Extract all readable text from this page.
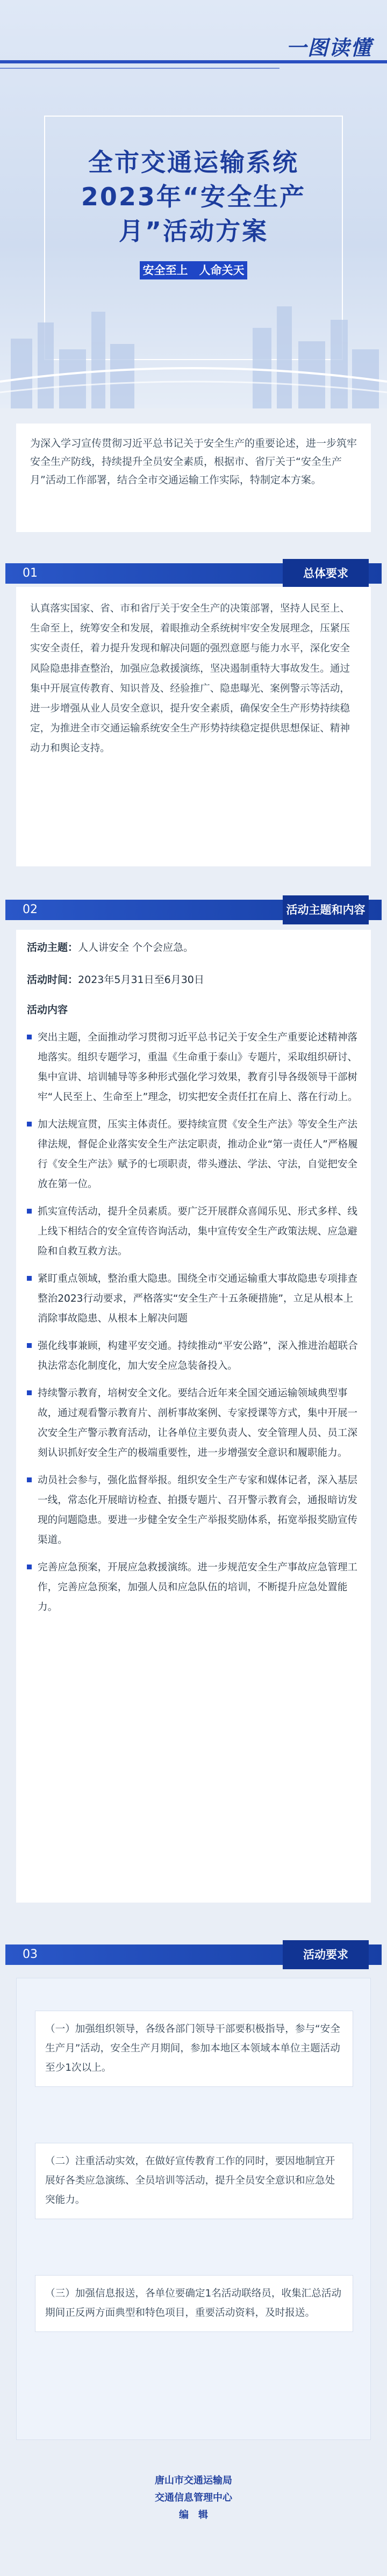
一图读懂
全市交通运输系统
2023年“安全生产
月”活动方案
安全至上　人命关天
为深入学习宣传贯彻习近平总书记关于安全生产的重要论述，进一步筑牢安全生产防线，持续提升全员安全素质，根据市、省厅关于“安全生产月”活动工作部署，结合全市交通运输工作实际，特制定本方案。
01	总体要求
认真落实国家、省、市和省厅关于安全生产的决策部署，坚持人民至上、生命至上，统筹安全和发展，着眼推动全系统树牢安全发展理念，压紧压实安全责任，着力提升发现和解决问题的强烈意愿与能力水平，深化安全风险隐患排查整治，加强应急救援演练，坚决遏制重特大事故发生。通过集中开展宣传教育、知识普及、经验推广、隐患曝光、案例警示等活动，进一步增强从业人员安全意识，提升安全素质，确保安全生产形势持续稳定，为推进全市交通运输系统安全生产形势持续稳定提供思想保证、精神动力和舆论支持。
02	活动主题和内容
活动主题：人人讲安全 个个会应急。
活动时间：2023年5月31日至6月30日
活动内容
突出主题，全面推动学习贯彻习近平总书记关于安全生产重要论述精神落地落实。组织专题学习，重温《生命重于泰山》专题片，采取组织研讨、集中宣讲、培训辅导等多种形式强化学习效果，教育引导各级领导干部树牢“人民至上、生命至上”理念，切实把安全责任扛在肩上、落在行动上。
加大法规宣贯，压实主体责任。要持续宣贯《安全生产法》等安全生产法律法规，督促企业落实安全生产法定职责，推动企业“第一责任人”严格履行《安全生产法》赋予的七项职责，带头遵法、学法、守法，自觉把安全放在第一位。
抓实宣传活动，提升全员素质。要广泛开展群众喜闻乐见、形式多样、线上线下相结合的安全宣传咨询活动，集中宣传安全生产政策法规、应急避险和自救互救方法。
紧盯重点领域，整治重大隐患。围绕全市交通运输重大事故隐患专项排查整治2023行动要求，严格落实“安全生产十五条硬措施”，立足从根本上消除事故隐患、从根本上解决问题
强化线事兼顾，构建平安交通。持续推动“平安公路”，深入推进治超联合执法常态化制度化，加大安全应急装备投入。
持续警示教育，培树安全文化。要结合近年来全国交通运输领域典型事故，通过观看警示教育片、剖析事故案例、专家授课等方式，集中开展一次安全生产警示教育活动，让各单位主要负责人、安全管理人员、员工深刻认识抓好安全生产的极端重要性，进一步增强安全意识和履职能力。
动员社会参与，强化监督举报。组织安全生产专家和媒体记者，深入基层一线，常态化开展暗访检查、拍摄专题片、召开警示教育会，通报暗访发现的问题隐患。要进一步健全安全生产举报奖励体系，拓宽举报奖励宣传渠道。
完善应急预案，开展应急救援演练。进一步规范安全生产事故应急管理工作，完善应急预案，加强人员和应急队伍的培训，不断提升应急处置能力。
03	活动要求
（一）加强组织领导，各级各部门领导干部要积极指导，参与“安全生产月”活动，安全生产月期间，参加本地区本领域本单位主题活动至少1次以上。
（二）注重活动实效，在做好宣传教育工作的同时，要因地制宜开展好各类应急演练、全员培训等活动，提升全员安全意识和应急处突能力。
（三）加强信息报送，各单位要确定1名活动联络员，收集汇总活动期间正反两方面典型和特色项目，重要活动资料，及时报送。
唐山市交通运输局
交通信息管理中心
编　辑
